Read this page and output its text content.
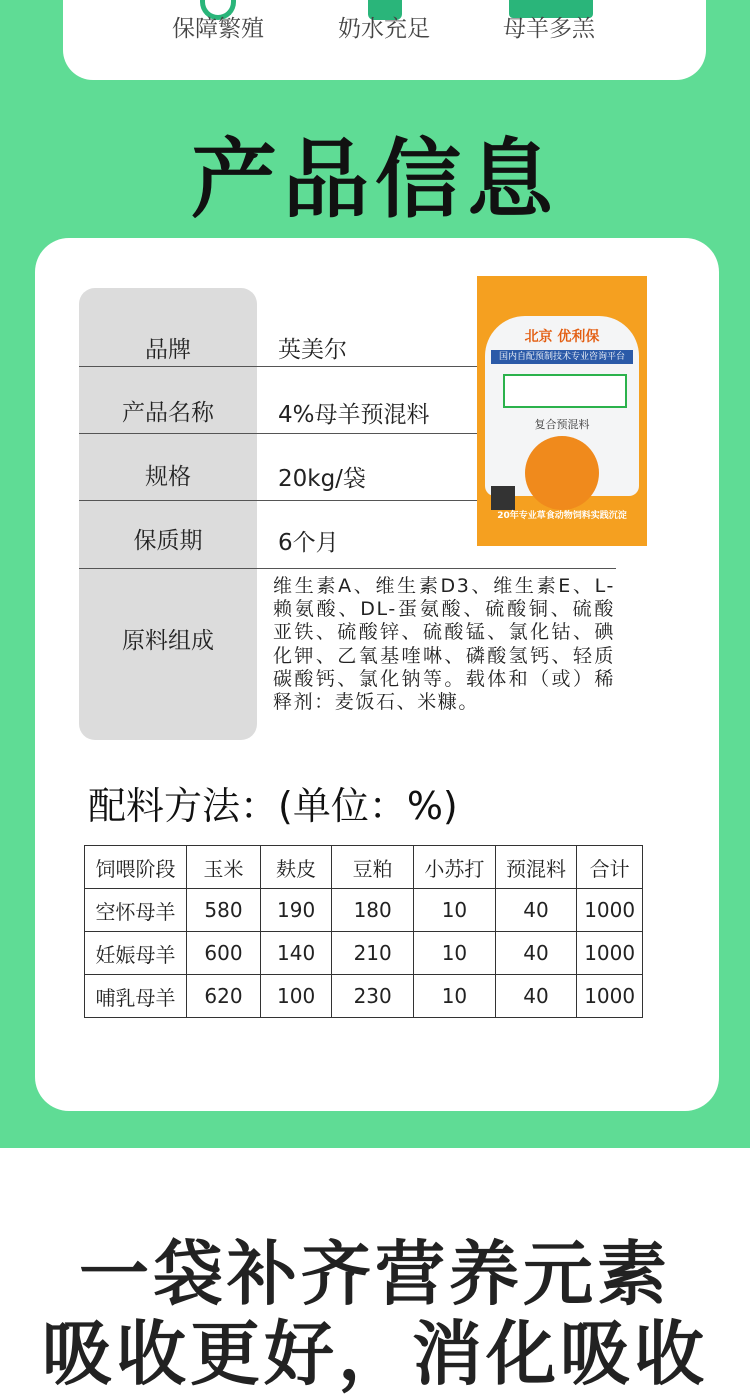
保障繁殖	奶水充足	母羊多羔
产品信息
品牌	英美尔
产品名称	4%母羊预混料
规格	20kg/袋
保质期	6个月
原料组成
维生素A、维生素D3、维生素E、L-赖氨酸、DL-蛋氨酸、硫酸铜、硫酸亚铁、硫酸锌、硫酸锰、氯化钴、碘化钾、乙氧基喹啉、磷酸氢钙、轻质碳酸钙、氯化钠等。载体和（或）稀释剂：麦饭石、米糠。
北京 优利保
国内自配预制技术专业咨询平台
复合预混料
20年专业草食动物饲料实践沉淀
配料方法：(单位：%)
饲喂阶段	玉米	麸皮	豆粕	小苏打	预混料	合计
空怀母羊	580	190	180	10	40	1000
妊娠母羊	600	140	210	10	40	1000
哺乳母羊	620	100	230	10	40	1000
一袋补齐营养元素
吸收更好，消化吸收
